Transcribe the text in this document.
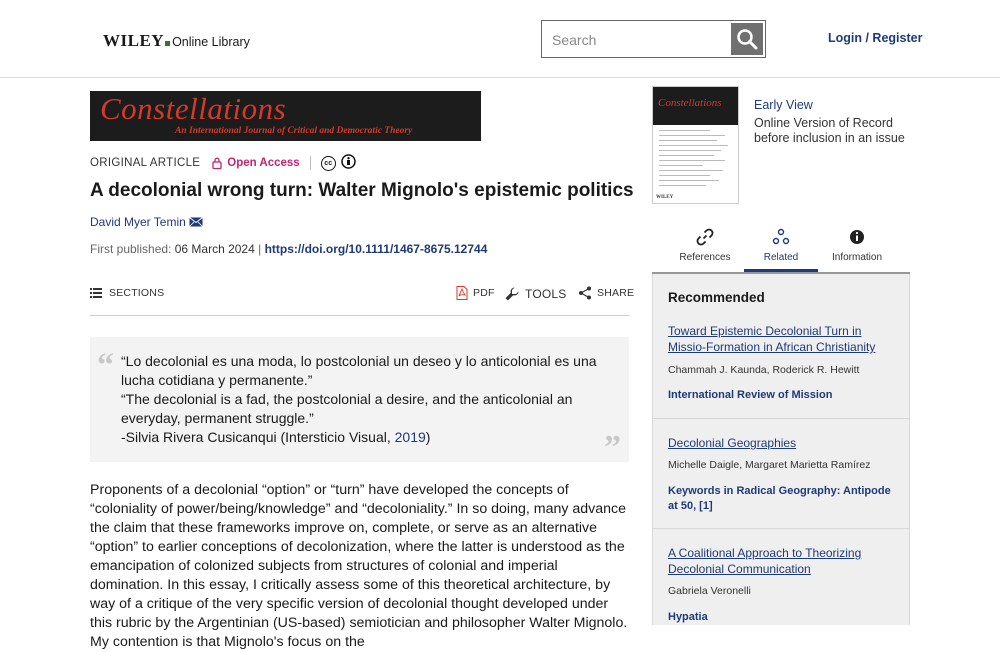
WILEY Online Library
Search	Login / Register
Constellations
An International Journal of Critical and Democratic Theory
ORIGINAL ARTICLE Open Access	cc
A decolonial wrong turn: Walter Mignolo's epistemic politics
David Myer Temin
First published: 06 March 2024 | https://doi.org/10.1111/1467-8675.12744
SECTIONS	PDF	TOOLS	SHARE
“ “Lo decolonial es una moda, lo postcolonial un deseo y lo anticolonial es una lucha cotidiana y permanente.”
“The decolonial is a fad, the postcolonial a desire, and the anticolonial an everyday, permanent struggle.”
-Silvia Rivera Cusicanqui (Intersticio Visual, 2019)	”

Proponents of a decolonial “option” or “turn” have developed the concepts of “coloniality of power/being/knowledge” and “decoloniality.” In so doing, many advance the claim that these frameworks improve on, complete, or serve as an alternative “option” to earlier conceptions of decolonization, where the latter is understood as the emancipation of colonized subjects from structures of colonial and imperial domination. In this essay, I critically assess some of this theoretical architecture, by way of a critique of the very specific version of decolonial thought developed under this rubric by the Argentinian (US-based) semiotician and philosopher Walter Mignolo. My contention is that Mignolo's focus on the

Constellations
WILEY
Early View
Online Version of Record
before inclusion in an issue
References	Related	Information
Recommended
Toward Epistemic Decolonial Turn in Missio-Formation in African Christianity
Chammah J. Kaunda, Roderick R. Hewitt
International Review of Mission
Decolonial Geographies
Michelle Daigle, Margaret Marietta Ramírez
Keywords in Radical Geography: Antipode at 50, [1]
A Coalitional Approach to Theorizing Decolonial Communication
Gabriela Veronelli
Hypatia
